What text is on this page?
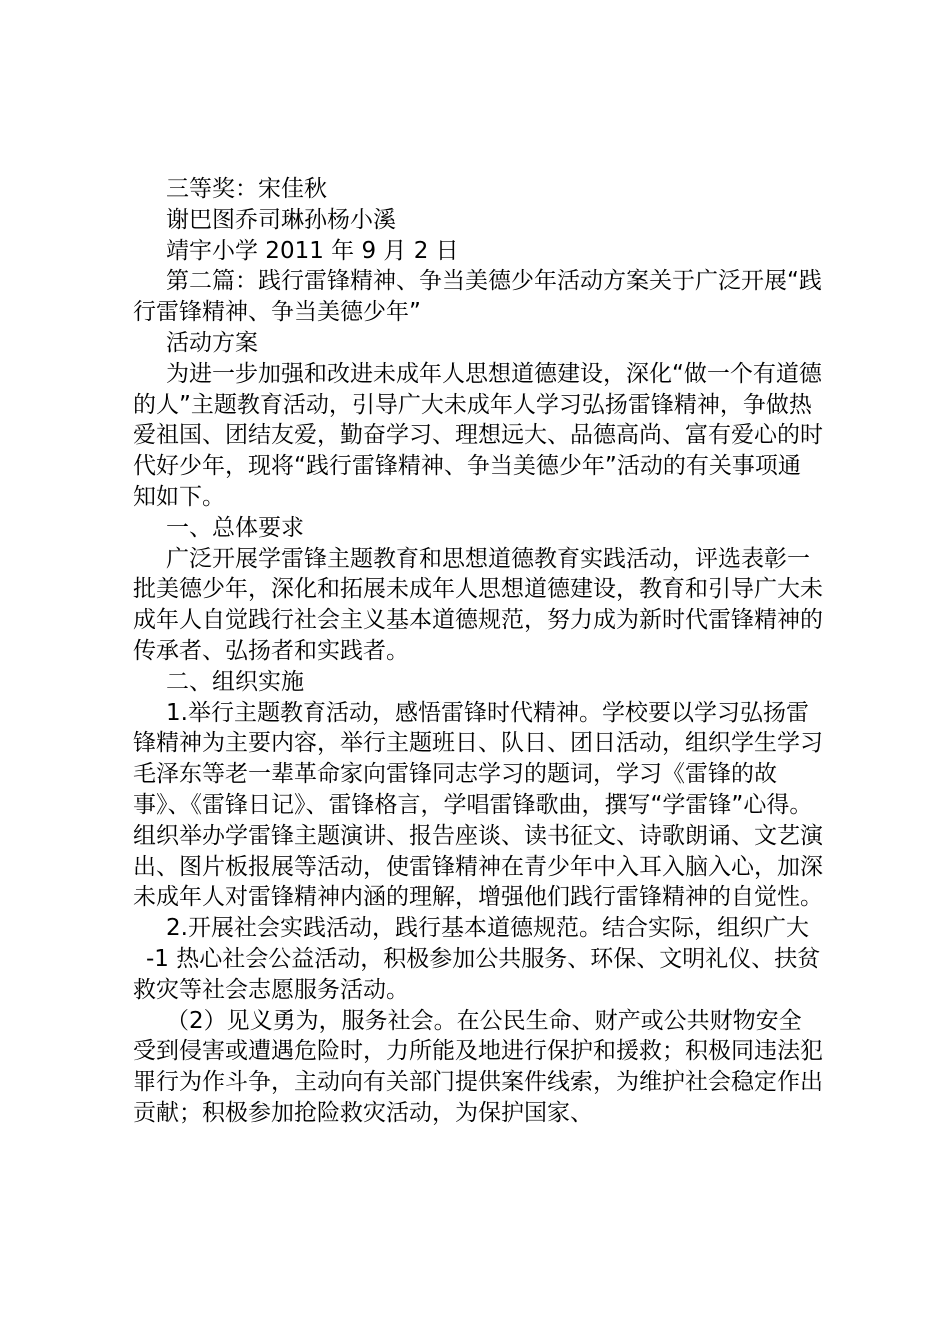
三等奖：宋佳秋

谢巴图乔司琳孙杨小溪

靖宇小学 2011 年 9 月 2 日

第二篇：践行雷锋精神、争当美德少年活动方案关于广泛开展“践行雷锋精神、争当美德少年”

活动方案

为进一步加强和改进未成年人思想道德建设，深化“做一个有道德的人”主题教育活动，引导广大未成年人学习弘扬雷锋精神，争做热爱祖国、团结友爱，勤奋学习、理想远大、品德高尚、富有爱心的时代好少年，现将“践行雷锋精神、争当美德少年”活动的有关事项通知如下。

一、总体要求

广泛开展学雷锋主题教育和思想道德教育实践活动，评选表彰一批美德少年，深化和拓展未成年人思想道德建设，教育和引导广大未成年人自觉践行社会主义基本道德规范，努力成为新时代雷锋精神的传承者、弘扬者和实践者。

二、组织实施

1.举行主题教育活动，感悟雷锋时代精神。学校要以学习弘扬雷锋精神为主要内容，举行主题班日、队日、团日活动，组织学生学习毛泽东等老一辈革命家向雷锋同志学习的题词，学习《雷锋的故事》、《雷锋日记》、雷锋格言，学唱雷锋歌曲，撰写“学雷锋”心得。组织举办学雷锋主题演讲、报告座谈、读书征文、诗歌朗诵、文艺演出、图片板报展等活动，使雷锋精神在青少年中入耳入脑入心，加深未成年人对雷锋精神内涵的理解，增强他们践行雷锋精神的自觉性。

2.开展社会实践活动，践行基本道德规范。结合实际，组织广大

-1 热心社会公益活动，积极参加公共服务、环保、文明礼仪、扶贫救灾等社会志愿服务活动。

（2）见义勇为，服务社会。在公民生命、财产或公共财物安全受到侵害或遭遇危险时，力所能及地进行保护和援救；积极同违法犯罪行为作斗争，主动向有关部门提供案件线索，为维护社会稳定作出贡献；积极参加抢险救灾活动，为保护国家、
